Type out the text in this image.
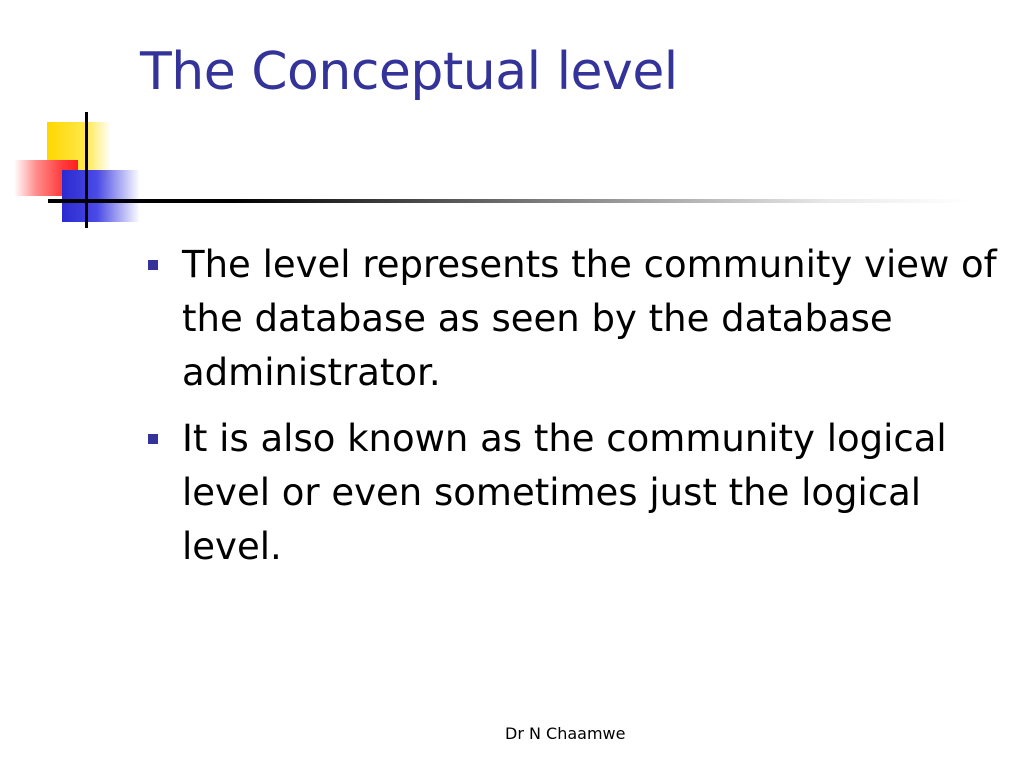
The Conceptual level
The level represents the community view of the database as seen by the database administrator.
It is also known as the community logical level or even sometimes just the logical level.
Dr N Chaamwe
